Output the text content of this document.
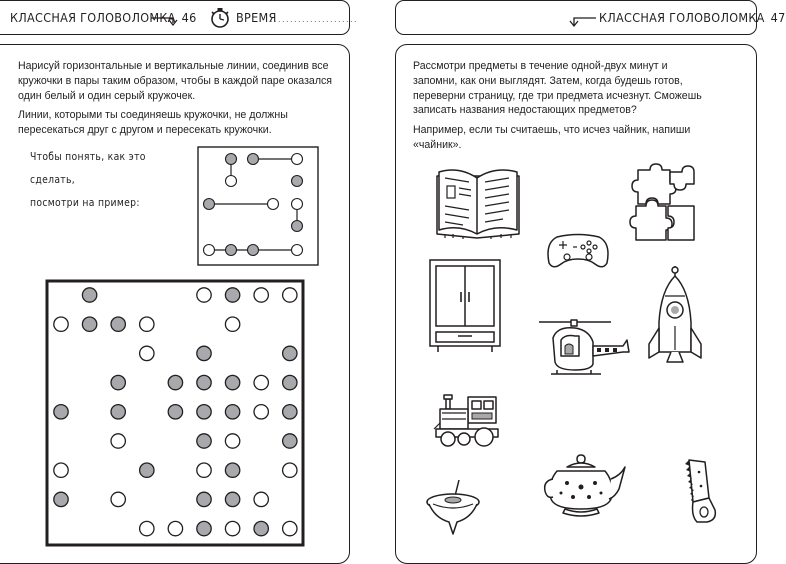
КЛАССНАЯ ГОЛОВОЛОМКА 46	ВРЕМЯ
......................
Нарисуй горизонтальные и вертикальные линии, соединив все кружочки в пары таким образом, чтобы в каждой паре оказался один белый и один серый кружочек.
Линии, которыми ты соединяешь кружочки, не должны пересекаться друг с другом и пересекать кружочки.
Чтобы понять, как это сделать,
посмотри на пример:
КЛАССНАЯ ГОЛОВОЛОМКА 47
Рассмотри предметы в течение одной-двух минут и запомни, как они выглядят. Затем, когда будешь готов, переверни страницу, где три предмета исчезнут. Сможешь записать названия недостающих предметов?
Например, если ты считаешь, что исчез чайник, напиши «чайник».
